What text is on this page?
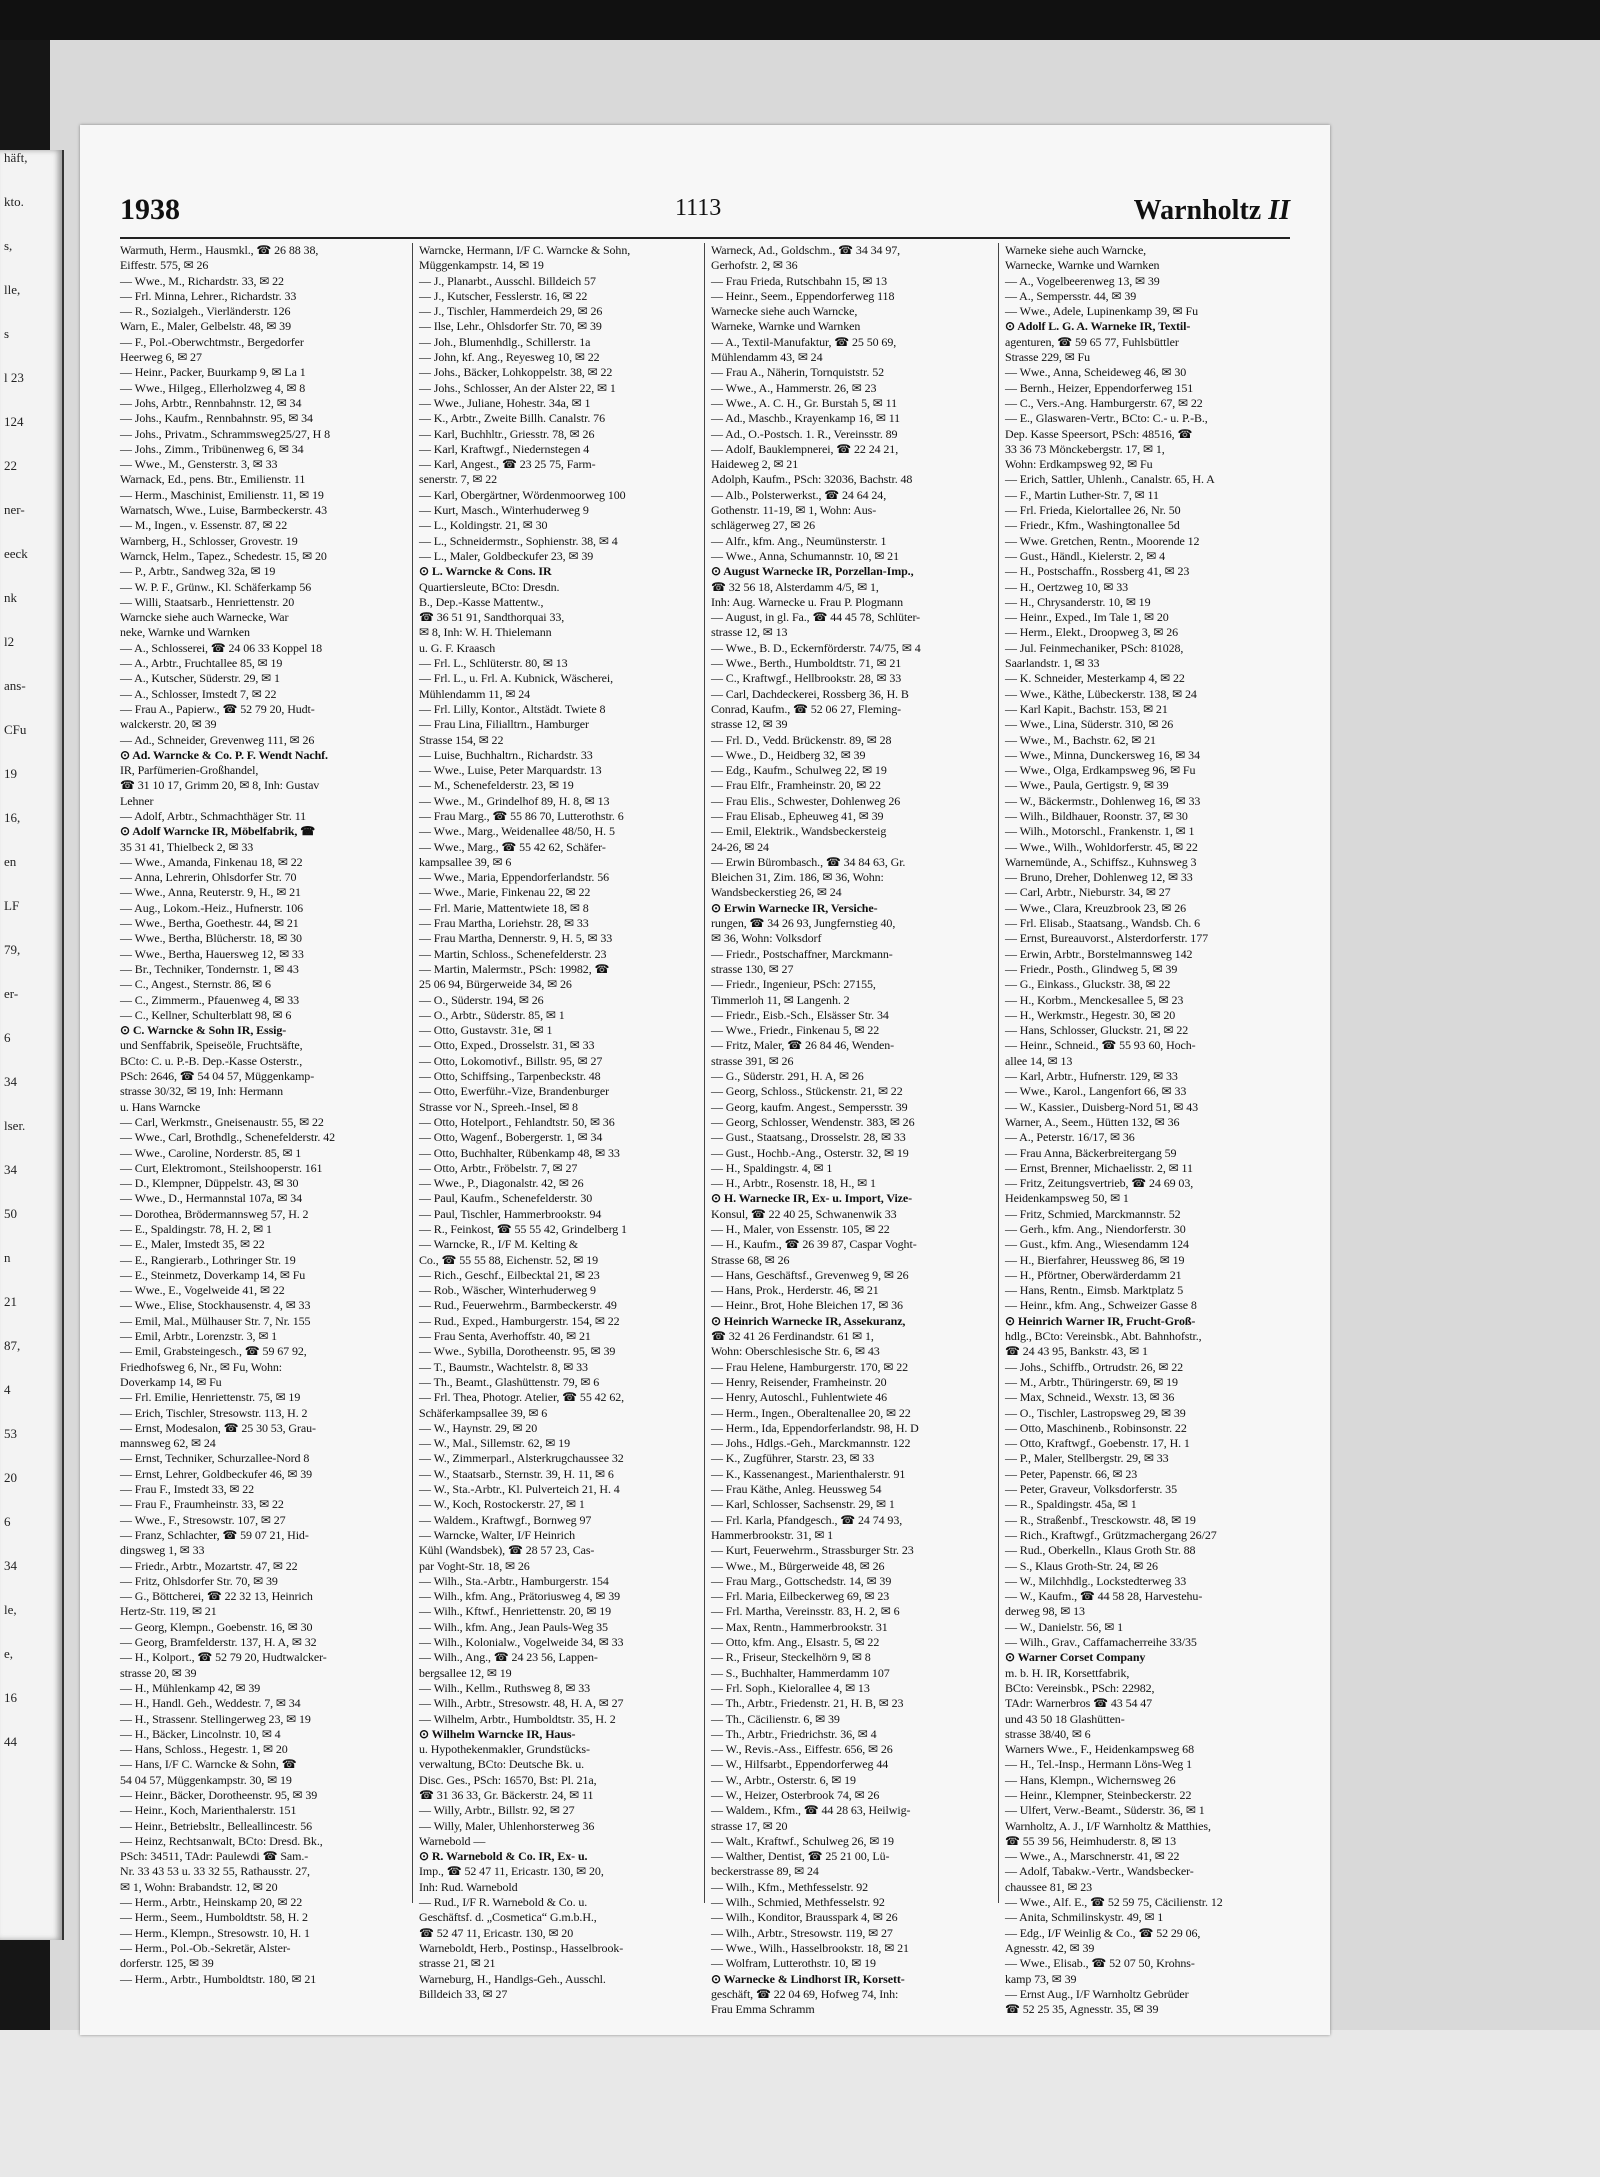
häft,
kto.
s,
lle,
s
l 23
124
22
ner-
eeck
nk
l2
ans-
CFu
19
16,
en
LF
79,
er-
6
34
lser.
34
50
n
21
87,
4
53
20
6
34
le,
e,
16
44
1938	1113	Warnholtz II
Warmuth, Herm., Hausmkl., ☎ 26 88 38,
Eiffestr. 575, ✉ 26
— Wwe., M., Richardstr. 33, ✉ 22
— Frl. Minna, Lehrer., Richardstr. 33
— R., Sozialgeh., Vierländerstr. 126
Warn, E., Maler, Gelbelstr. 48, ✉ 39
— F., Pol.-Oberwchtmstr., Bergedorfer
Heerweg 6, ✉ 27
— Heinr., Packer, Buurkamp 9, ✉ La 1
— Wwe., Hilgeg., Ellerholzweg 4, ✉ 8
— Johs, Arbtr., Rennbahnstr. 12, ✉ 34
— Johs., Kaufm., Rennbahnstr. 95, ✉ 34
— Johs., Privatm., Schrammsweg25/27, H 8
— Johs., Zimm., Tribünenweg 6, ✉ 34
— Wwe., M., Gensterstr. 3, ✉ 33
Warnack, Ed., pens. Btr., Emilienstr. 11
— Herm., Maschinist, Emilienstr. 11, ✉ 19
Warnatsch, Wwe., Luise, Barmbeckerstr. 43
— M., Ingen., v. Essenstr. 87, ✉ 22
Warnberg, H., Schlosser, Grovestr. 19
Warnck, Helm., Tapez., Schedestr. 15, ✉ 20
— P., Arbtr., Sandweg 32a, ✉ 19
— W. P. F., Grünw., Kl. Schäferkamp 56
— Willi, Staatsarb., Henriettenstr. 20
Warncke siehe auch Warnecke, War
neke, Warnke und Warnken
— A., Schlosserei, ☎ 24 06 33 Koppel 18
— A., Arbtr., Fruchtallee 85, ✉ 19
— A., Kutscher, Süderstr. 29, ✉ 1
— A., Schlosser, Imstedt 7, ✉ 22
— Frau A., Papierw., ☎ 52 79 20, Hudt-
walckerstr. 20, ✉ 39
— Ad., Schneider, Grevenweg 111, ✉ 26
⊙ Ad. Warncke & Co. P. F. Wendt Nachf.
IR, Parfümerien-Großhandel,
☎ 31 10 17, Grimm 20, ✉ 8, Inh: Gustav
Lehner
— Adolf, Arbtr., Schmachthäger Str. 11
⊙ Adolf Warncke IR, Möbelfabrik, ☎
35 31 41, Thielbeck 2, ✉ 33
— Wwe., Amanda, Finkenau 18, ✉ 22
— Anna, Lehrerin, Ohlsdorfer Str. 70
— Wwe., Anna, Reuterstr. 9, H., ✉ 21
— Aug., Lokom.-Heiz., Hufnerstr. 106
— Wwe., Bertha, Goethestr. 44, ✉ 21
— Wwe., Bertha, Blücherstr. 18, ✉ 30
— Wwe., Bertha, Hauersweg 12, ✉ 33
— Br., Techniker, Tondernstr. 1, ✉ 43
— C., Angest., Sternstr. 86, ✉ 6
— C., Zimmerm., Pfauenweg 4, ✉ 33
— C., Kellner, Schulterblatt 98, ✉ 6
⊙ C. Warncke & Sohn IR, Essig-
und Senffabrik, Speiseöle, Fruchtsäfte,
BCto: C. u. P.-B. Dep.-Kasse Osterstr.,
PSch: 2646, ☎ 54 04 57, Müggenkamp-
strasse 30/32, ✉ 19, Inh: Hermann
u. Hans Warncke
— Carl, Werkmstr., Gneisenaustr. 55, ✉ 22
— Wwe., Carl, Brothdlg., Schenefelderstr. 42
— Wwe., Caroline, Norderstr. 85, ✉ 1
— Curt, Elektromont., Steilshooperstr. 161
— D., Klempner, Düppelstr. 43, ✉ 30
— Wwe., D., Hermannstal 107a, ✉ 34
— Dorothea, Brödermannsweg 57, H. 2
— E., Spaldingstr. 78, H. 2, ✉ 1
— E., Maler, Imstedt 35, ✉ 22
— E., Rangierarb., Lothringer Str. 19
— E., Steinmetz, Doverkamp 14, ✉ Fu
— Wwe., E., Vogelweide 41, ✉ 22
— Wwe., Elise, Stockhausenstr. 4, ✉ 33
— Emil, Mal., Mülhauser Str. 7, Nr. 155
— Emil, Arbtr., Lorenzstr. 3, ✉ 1
— Emil, Grabsteingesch., ☎ 59 67 92,
Friedhofsweg 6, Nr., ✉ Fu, Wohn:
Doverkamp 14, ✉ Fu
— Frl. Emilie, Henriettenstr. 75, ✉ 19
— Erich, Tischler, Stresowstr. 113, H. 2
— Ernst, Modesalon, ☎ 25 30 53, Grau-
mannsweg 62, ✉ 24
— Ernst, Techniker, Schurzallee-Nord 8
— Ernst, Lehrer, Goldbeckufer 46, ✉ 39
— Frau F., Imstedt 33, ✉ 22
— Frau F., Fraumheinstr. 33, ✉ 22
— Wwe., F., Stresowstr. 107, ✉ 27
— Franz, Schlachter, ☎ 59 07 21, Hid-
dingsweg 1, ✉ 33
— Friedr., Arbtr., Mozartstr. 47, ✉ 22
— Fritz, Ohlsdorfer Str. 70, ✉ 39
— G., Böttcherei, ☎ 22 32 13, Heinrich
Hertz-Str. 119, ✉ 21
— Georg, Klempn., Goebenstr. 16, ✉ 30
— Georg, Bramfelderstr. 137, H. A, ✉ 32
— H., Kolport., ☎ 52 79 20, Hudtwalcker-
strasse 20, ✉ 39
— H., Mühlenkamp 42, ✉ 39
— H., Handl. Geh., Weddestr. 7, ✉ 34
— H., Strassenr. Stellingerweg 23, ✉ 19
— H., Bäcker, Lincolnstr. 10, ✉ 4
— Hans, Schloss., Hegestr. 1, ✉ 20
— Hans, I/F C. Warncke & Sohn, ☎
54 04 57, Müggenkampstr. 30, ✉ 19
— Heinr., Bäcker, Dorotheenstr. 95, ✉ 39
— Heinr., Koch, Marienthalerstr. 151
— Heinr., Betriebsltr., Belleallincestr. 56
— Heinz, Rechtsanwalt, BCto: Dresd. Bk.,
PSch: 34511, TAdr: Paulewdi ☎ Sam.-
Nr. 33 43 53 u. 33 32 55, Rathausstr. 27,
✉ 1, Wohn: Brabandstr. 12, ✉ 20
— Herm., Arbtr., Heinskamp 20, ✉ 22
— Herm., Seem., Humboldtstr. 58, H. 2
— Herm., Klempn., Stresowstr. 10, H. 1
— Herm., Pol.-Ob.-Sekretär, Alster-
dorferstr. 125, ✉ 39
— Herm., Arbtr., Humboldtstr. 180, ✉ 21
Warncke, Hermann, I/F C. Warncke & Sohn,
Müggenkampstr. 14, ✉ 19
— J., Planarbt., Ausschl. Billdeich 57
— J., Kutscher, Fesslerstr. 16, ✉ 22
— J., Tischler, Hammerdeich 29, ✉ 26
— Ilse, Lehr., Ohlsdorfer Str. 70, ✉ 39
— Joh., Blumenhdlg., Schillerstr. 1a
— John, kf. Ang., Reyesweg 10, ✉ 22
— Johs., Bäcker, Lohkoppelstr. 38, ✉ 22
— Johs., Schlosser, An der Alster 22, ✉ 1
— Wwe., Juliane, Hohestr. 34a, ✉ 1
— K., Arbtr., Zweite Billh. Canalstr. 76
— Karl, Buchhltr., Griesstr. 78, ✉ 26
— Karl, Kraftwgf., Niedernstegen 4
— Karl, Angest., ☎ 23 25 75, Farm-
senerstr. 7, ✉ 22
— Karl, Obergärtner, Wördenmoorweg 100
— Kurt, Masch., Winterhuderweg 9
— L., Koldingstr. 21, ✉ 30
— L., Schneidermstr., Sophienstr. 38, ✉ 4
— L., Maler, Goldbeckufer 23, ✉ 39
⊙ L. Warncke & Cons. IR
Quartiersleute, BCto: Dresdn.
B., Dep.-Kasse Mattentw.,
☎ 36 51 91, Sandthorquai 33,
✉ 8, Inh: W. H. Thielemann
u. G. F. Kraasch
— Frl. L., Schlüterstr. 80, ✉ 13
— Frl. L., u. Frl. A. Kubnick, Wäscherei,
Mühlendamm 11, ✉ 24
— Frl. Lilly, Kontor., Altstädt. Twiete 8
— Frau Lina, Filialltrn., Hamburger
Strasse 154, ✉ 22
— Luise, Buchhaltrn., Richardstr. 33
— Wwe., Luise, Peter Marquardstr. 13
— M., Schenefelderstr. 23, ✉ 19
— Wwe., M., Grindelhof 89, H. 8, ✉ 13
— Frau Marg., ☎ 55 86 70, Lutterothstr. 6
— Wwe., Marg., Weidenallee 48/50, H. 5
— Wwe., Marg., ☎ 55 42 62, Schäfer-
kampsallee 39, ✉ 6
— Wwe., Maria, Eppendorferlandstr. 56
— Wwe., Marie, Finkenau 22, ✉ 22
— Frl. Marie, Mattentwiete 18, ✉ 8
— Frau Martha, Loriehstr. 28, ✉ 33
— Frau Martha, Dennerstr. 9, H. 5, ✉ 33
— Martin, Schloss., Schenefelderstr. 23
— Martin, Malermstr., PSch: 19982, ☎
25 06 94, Bürgerweide 34, ✉ 26
— O., Süderstr. 194, ✉ 26
— O., Arbtr., Süderstr. 85, ✉ 1
— Otto, Gustavstr. 31e, ✉ 1
— Otto, Exped., Drosselstr. 31, ✉ 33
— Otto, Lokomotivf., Billstr. 95, ✉ 27
— Otto, Schiffsing., Tarpenbeckstr. 48
— Otto, Ewerführ.-Vize, Brandenburger
Strasse vor N., Spreeh.-Insel, ✉ 8
— Otto, Hotelport., Fehlandtstr. 50, ✉ 36
— Otto, Wagenf., Bobergerstr. 1, ✉ 34
— Otto, Buchhalter, Rübenkamp 48, ✉ 33
— Otto, Arbtr., Fröbelstr. 7, ✉ 27
— Wwe., P., Diagonalstr. 42, ✉ 26
— Paul, Kaufm., Schenefelderstr. 30
— Paul, Tischler, Hammerbrookstr. 94
— R., Feinkost, ☎ 55 55 42, Grindelberg 1
— Warncke, R., I/F M. Kelting &
Co., ☎ 55 55 88, Eichenstr. 52, ✉ 19
— Rich., Geschf., Eilbecktal 21, ✉ 23
— Rob., Wäscher, Winterhuderweg 9
— Rud., Feuerwehrm., Barmbeckerstr. 49
— Rud., Exped., Hamburgerstr. 154, ✉ 22
— Frau Senta, Averhoffstr. 40, ✉ 21
— Wwe., Sybilla, Dorotheenstr. 95, ✉ 39
— T., Baumstr., Wachtelstr. 8, ✉ 33
— Th., Beamt., Glashüttenstr. 79, ✉ 6
— Frl. Thea, Photogr. Atelier, ☎ 55 42 62,
Schäferkampsallee 39, ✉ 6
— W., Haynstr. 29, ✉ 20
— W., Mal., Sillemstr. 62, ✉ 19
— W., Zimmerparl., Alsterkrugchaussee 32
— W., Staatsarb., Sternstr. 39, H. 11, ✉ 6
— W., Sta.-Arbtr., Kl. Pulverteich 21, H. 4
— W., Koch, Rostockerstr. 27, ✉ 1
— Waldem., Kraftwgf., Bornweg 97
— Warncke, Walter, I/F Heinrich
Kühl (Wandsbek), ☎ 28 57 23, Cas-
par Voght-Str. 18, ✉ 26
— Wilh., Sta.-Arbtr., Hamburgerstr. 154
— Wilh., kfm. Ang., Prätoriusweg 4, ✉ 39
— Wilh., Kftwf., Henriettenstr. 20, ✉ 19
— Wilh., kfm. Ang., Jean Pauls-Weg 35
— Wilh., Kolonialw., Vogelweide 34, ✉ 33
— Wilh., Ang., ☎ 24 23 56, Lappen-
bergsallee 12, ✉ 19
— Wilh., Kellm., Ruthsweg 8, ✉ 33
— Wilh., Arbtr., Stresowstr. 48, H. A, ✉ 27
— Wilhelm, Arbtr., Humboldtstr. 35, H. 2
⊙ Wilhelm Warncke IR, Haus-
u. Hypothekenmakler, Grundstücks-
verwaltung, BCto: Deutsche Bk. u.
Disc. Ges., PSch: 16570, Bst: Pl. 21a,
☎ 31 36 33, Gr. Bäckerstr. 24, ✉ 11
— Willy, Arbtr., Billstr. 92, ✉ 27
— Willy, Maler, Uhlenhorsterweg 36
Warnebold —
⊙ R. Warnebold & Co. IR, Ex- u.
Imp., ☎ 52 47 11, Ericastr. 130, ✉ 20,
Inh: Rud. Warnebold
— Rud., I/F R. Warnebold & Co. u.
Geschäftsf. d. „Cosmetica“ G.m.b.H.,
☎ 52 47 11, Ericastr. 130, ✉ 20
Warneboldt, Herb., Postinsp., Hasselbrook-
strasse 21, ✉ 21
Warneburg, H., Handlgs-Geh., Ausschl.
Billdeich 33, ✉ 27
Warneck, Ad., Goldschm., ☎ 34 34 97,
Gerhofstr. 2, ✉ 36
— Frau Frieda, Rutschbahn 15, ✉ 13
— Heinr., Seem., Eppendorferweg 118
Warnecke siehe auch Warncke,
Warneke, Warnke und Warnken
— A., Textil-Manufaktur, ☎ 25 50 69,
Mühlendamm 43, ✉ 24
— Frau A., Näherin, Tornquiststr. 52
— Wwe., A., Hammerstr. 26, ✉ 23
— Wwe., A. C. H., Gr. Burstah 5, ✉ 11
— Ad., Maschb., Krayenkamp 16, ✉ 11
— Ad., O.-Postsch. 1. R., Vereinsstr. 89
— Adolf, Bauklempnerei, ☎ 22 24 21,
Haideweg 2, ✉ 21
Adolph, Kaufm., PSch: 32036, Bachstr. 48
— Alb., Polsterwerkst., ☎ 24 64 24,
Gothenstr. 11-19, ✉ 1, Wohn: Aus-
schlägerweg 27, ✉ 26
— Alfr., kfm. Ang., Neumünsterstr. 1
— Wwe., Anna, Schumannstr. 10, ✉ 21
⊙ August Warnecke IR, Porzellan-Imp.,
☎ 32 56 18, Alsterdamm 4/5, ✉ 1,
Inh: Aug. Warnecke u. Frau P. Plogmann
— August, in gl. Fa., ☎ 44 45 78, Schlüter-
strasse 12, ✉ 13
— Wwe., B. D., Eckernförderstr. 74/75, ✉ 4
— Wwe., Berth., Humboldtstr. 71, ✉ 21
— C., Kraftwgf., Hellbrookstr. 28, ✉ 33
— Carl, Dachdeckerei, Rossberg 36, H. B
Conrad, Kaufm., ☎ 52 06 27, Fleming-
strasse 12, ✉ 39
— Frl. D., Vedd. Brückenstr. 89, ✉ 28
— Wwe., D., Heidberg 32, ✉ 39
— Edg., Kaufm., Schulweg 22, ✉ 19
— Frau Elfr., Framheinstr. 20, ✉ 22
— Frau Elis., Schwester, Dohlenweg 26
— Frau Elisab., Epheuweg 41, ✉ 39
— Emil, Elektrik., Wandsbeckersteig
24-26, ✉ 24
— Erwin Bürombasch., ☎ 34 84 63, Gr.
Bleichen 31, Zim. 186, ✉ 36, Wohn:
Wandsbeckerstieg 26, ✉ 24
⊙ Erwin Warnecke IR, Versiche-
rungen, ☎ 34 26 93, Jungfernstieg 40,
✉ 36, Wohn: Volksdorf
— Friedr., Postschaffner, Marckmann-
strasse 130, ✉ 27
— Friedr., Ingenieur, PSch: 27155,
Timmerloh 11, ✉ Langenh. 2
— Friedr., Eisb.-Sch., Elsässer Str. 34
— Wwe., Friedr., Finkenau 5, ✉ 22
— Fritz, Maler, ☎ 26 84 46, Wenden-
strasse 391, ✉ 26
— G., Süderstr. 291, H. A, ✉ 26
— Georg, Schloss., Stückenstr. 21, ✉ 22
— Georg, kaufm. Angest., Sempersstr. 39
— Georg, Schlosser, Wendenstr. 383, ✉ 26
— Gust., Staatsang., Drosselstr. 28, ✉ 33
— Gust., Hochb.-Ang., Osterstr. 32, ✉ 19
— H., Spaldingstr. 4, ✉ 1
— H., Arbtr., Rosenstr. 18, H., ✉ 1
⊙ H. Warnecke IR, Ex- u. Import, Vize-
Konsul, ☎ 22 40 25, Schwanenwik 33
— H., Maler, von Essenstr. 105, ✉ 22
— H., Kaufm., ☎ 26 39 87, Caspar Voght-
Strasse 68, ✉ 26
— Hans, Geschäftsf., Grevenweg 9, ✉ 26
— Hans, Prok., Herderstr. 46, ✉ 21
— Heinr., Brot, Hohe Bleichen 17, ✉ 36
⊙ Heinrich Warnecke IR, Assekuranz,
☎ 32 41 26 Ferdinandstr. 61 ✉ 1,
Wohn: Oberschlesische Str. 6, ✉ 43
— Frau Helene, Hamburgerstr. 170, ✉ 22
— Henry, Reisender, Framheinstr. 20
— Henry, Autoschl., Fuhlentwiete 46
— Herm., Ingen., Oberaltenallee 20, ✉ 22
— Herm., Ida, Eppendorferlandstr. 98, H. D
— Johs., Hdlgs.-Geh., Marckmannstr. 122
— K., Zugführer, Starstr. 23, ✉ 33
— K., Kassenangest., Marienthalerstr. 91
— Frau Käthe, Anleg. Heussweg 54
— Karl, Schlosser, Sachsenstr. 29, ✉ 1
— Frl. Karla, Pfandgesch., ☎ 24 74 93,
Hammerbrookstr. 31, ✉ 1
— Kurt, Feuerwehrm., Strassburger Str. 23
— Wwe., M., Bürgerweide 48, ✉ 26
— Frau Marg., Gottschedstr. 14, ✉ 39
— Frl. Maria, Eilbeckerweg 69, ✉ 23
— Frl. Martha, Vereinsstr. 83, H. 2, ✉ 6
— Max, Rentn., Hammerbrookstr. 31
— Otto, kfm. Ang., Elsastr. 5, ✉ 22
— R., Friseur, Steckelhörn 9, ✉ 8
— S., Buchhalter, Hammerdamm 107
— Frl. Soph., Kielorallee 4, ✉ 13
— Th., Arbtr., Friedenstr. 21, H. B, ✉ 23
— Th., Cäcilienstr. 6, ✉ 39
— Th., Arbtr., Friedrichstr. 36, ✉ 4
— W., Revis.-Ass., Eiffestr. 656, ✉ 26
— W., Hilfsarbt., Eppendorferweg 44
— W., Arbtr., Osterstr. 6, ✉ 19
— W., Heizer, Osterbrook 74, ✉ 26
— Waldem., Kfm., ☎ 44 28 63, Heilwig-
strasse 17, ✉ 20
— Walt., Kraftwf., Schulweg 26, ✉ 19
— Walther, Dentist, ☎ 25 21 00, Lü-
beckerstrasse 89, ✉ 24
— Wilh., Kfm., Methfesselstr. 92
— Wilh., Schmied, Methfesselstr. 92
— Wilh., Konditor, Brausspark 4, ✉ 26
— Wilh., Arbtr., Stresowstr. 119, ✉ 27
— Wwe., Wilh., Hasselbrookstr. 18, ✉ 21
— Wolfram, Lutterothstr. 10, ✉ 19
⊙ Warnecke & Lindhorst IR, Korsett-
geschäft, ☎ 22 04 69, Hofweg 74, Inh:
Frau Emma Schramm
Warneke siehe auch Warncke,
Warnecke, Warnke und Warnken
— A., Vogelbeerenweg 13, ✉ 39
— A., Sempersstr. 44, ✉ 39
— Wwe., Adele, Lupinenkamp 39, ✉ Fu
⊙ Adolf L. G. A. Warneke IR, Textil-
agenturen, ☎ 59 65 77, Fuhlsbüttler
Strasse 229, ✉ Fu
— Wwe., Anna, Scheideweg 46, ✉ 30
— Bernh., Heizer, Eppendorferweg 151
— C., Vers.-Ang. Hamburgerstr. 67, ✉ 22
— E., Glaswaren-Vertr., BCto: C.- u. P.-B.,
Dep. Kasse Speersort, PSch: 48516, ☎
33 36 73 Mönckebergstr. 17, ✉ 1,
Wohn: Erdkampsweg 92, ✉ Fu
— Erich, Sattler, Uhlenh., Canalstr. 65, H. A
— F., Martin Luther-Str. 7, ✉ 11
— Frl. Frieda, Kielortallee 26, Nr. 50
— Friedr., Kfm., Washingtonallee 5d
— Wwe. Gretchen, Rentn., Moorende 12
— Gust., Händl., Kielerstr. 2, ✉ 4
— H., Postschaffn., Rossberg 41, ✉ 23
— H., Oertzweg 10, ✉ 33
— H., Chrysanderstr. 10, ✉ 19
— Heinr., Exped., Im Tale 1, ✉ 20
— Herm., Elekt., Droopweg 3, ✉ 26
— Jul. Feinmechaniker, PSch: 81028,
Saarlandstr. 1, ✉ 33
— K. Schneider, Mesterkamp 4, ✉ 22
— Wwe., Käthe, Lübeckerstr. 138, ✉ 24
— Karl Kapit., Bachstr. 153, ✉ 21
— Wwe., Lina, Süderstr. 310, ✉ 26
— Wwe., M., Bachstr. 62, ✉ 21
— Wwe., Minna, Dunckersweg 16, ✉ 34
— Wwe., Olga, Erdkampsweg 96, ✉ Fu
— Wwe., Paula, Gertigstr. 9, ✉ 39
— W., Bäckermstr., Dohlenweg 16, ✉ 33
— Wilh., Bildhauer, Roonstr. 37, ✉ 30
— Wilh., Motorschl., Frankenstr. 1, ✉ 1
— Wwe., Wilh., Wohldorferstr. 45, ✉ 22
Warnemünde, A., Schiffsz., Kuhnsweg 3
— Bruno, Dreher, Dohlenweg 12, ✉ 33
— Carl, Arbtr., Nieburstr. 34, ✉ 27
— Wwe., Clara, Kreuzbrook 23, ✉ 26
— Frl. Elisab., Staatsang., Wandsb. Ch. 6
— Ernst, Bureauvorst., Alsterdorferstr. 177
— Erwin, Arbtr., Borstelmannsweg 142
— Friedr., Posth., Glindweg 5, ✉ 39
— G., Einkass., Gluckstr. 38, ✉ 22
— H., Korbm., Menckesallee 5, ✉ 23
— H., Werkmstr., Hegestr. 30, ✉ 20
— Hans, Schlosser, Gluckstr. 21, ✉ 22
— Heinr., Schneid., ☎ 55 93 60, Hoch-
allee 14, ✉ 13
— Karl, Arbtr., Hufnerstr. 129, ✉ 33
— Wwe., Karol., Langenfort 66, ✉ 33
— W., Kassier., Duisberg-Nord 51, ✉ 43
Warner, A., Seem., Hütten 132, ✉ 36
— A., Peterstr. 16/17, ✉ 36
— Frau Anna, Bäckerbreitergang 59
— Ernst, Brenner, Michaelisstr. 2, ✉ 11
— Fritz, Zeitungsvertrieb, ☎ 24 69 03,
Heidenkampsweg 50, ✉ 1
— Fritz, Schmied, Marckmannstr. 52
— Gerh., kfm. Ang., Niendorferstr. 30
— Gust., kfm. Ang., Wiesendamm 124
— H., Bierfahrer, Heussweg 86, ✉ 19
— H., Pförtner, Oberwärderdamm 21
— Hans, Rentn., Eimsb. Marktplatz 5
— Heinr., kfm. Ang., Schweizer Gasse 8
⊙ Heinrich Warner IR, Frucht-Groß-
hdlg., BCto: Vereinsbk., Abt. Bahnhofstr.,
☎ 24 43 95, Bankstr. 43, ✉ 1
— Johs., Schiffb., Ortrudstr. 26, ✉ 22
— M., Arbtr., Thüringerstr. 69, ✉ 19
— Max, Schneid., Wexstr. 13, ✉ 36
— O., Tischler, Lastropsweg 29, ✉ 39
— Otto, Maschinenb., Robinsonstr. 22
— Otto, Kraftwgf., Goebenstr. 17, H. 1
— P., Maler, Stellbergstr. 29, ✉ 33
— Peter, Papenstr. 66, ✉ 23
— Peter, Graveur, Volksdorferstr. 35
— R., Spaldingstr. 45a, ✉ 1
— R., Straßenbf., Tresckowstr. 48, ✉ 19
— Rich., Kraftwgf., Grützmachergang 26/27
— Rud., Oberkelln., Klaus Groth Str. 88
— S., Klaus Groth-Str. 24, ✉ 26
— W., Milchhdlg., Lockstedterweg 33
— W., Kaufm., ☎ 44 58 28, Harvestehu-
derweg 98, ✉ 13
— W., Danielstr. 56, ✉ 1
— Wilh., Grav., Caffamacherreihe 33/35
⊙ Warner Corset Company
m. b. H. IR, Korsettfabrik,
BCto: Vereinsbk., PSch: 22982,
TAdr: Warnerbros ☎ 43 54 47
und 43 50 18 Glashütten-
strasse 38/40, ✉ 6
Warners Wwe., F., Heidenkampsweg 68
— H., Tel.-Insp., Hermann Löns-Weg 1
— Hans, Klempn., Wichernsweg 26
— Heinr., Klempner, Steinbeckerstr. 22
— Ulfert, Verw.-Beamt., Süderstr. 36, ✉ 1
Warnholtz, A. J., I/F Warnholtz & Matthies,
☎ 55 39 56, Heimhuderstr. 8, ✉ 13
— Wwe., A., Marschnerstr. 41, ✉ 22
— Adolf, Tabakw.-Vertr., Wandsbecker-
chaussee 81, ✉ 23
— Wwe., Alf. E., ☎ 52 59 75, Cäcilienstr. 12
— Anita, Schmilinskystr. 49, ✉ 1
— Edg., I/F Weinlig & Co., ☎ 52 29 06,
Agnesstr. 42, ✉ 39
— Wwe., Elisab., ☎ 52 07 50, Krohns-
kamp 73, ✉ 39
— Ernst Aug., I/F Warnholtz Gebrüder
☎ 52 25 35, Agnesstr. 35, ✉ 39
